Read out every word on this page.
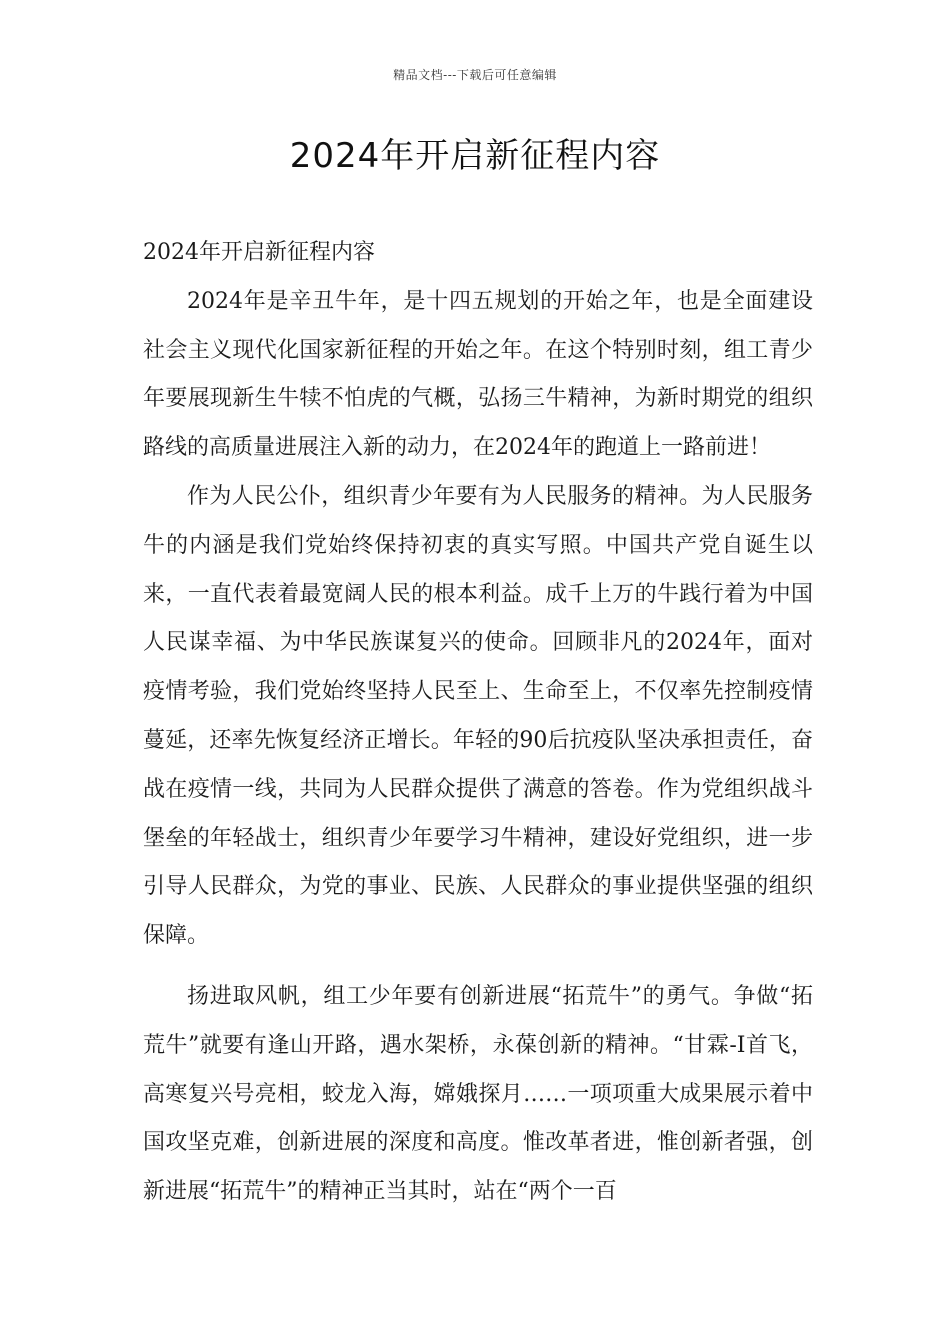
精品文档---下载后可任意编辑
2024年开启新征程内容

2024年开启新征程内容

2024年是辛丑牛年，是十四五规划的开始之年，也是全面建设社会主义现代化国家新征程的开始之年。在这个特别时刻，组工青少年要展现新生牛犊不怕虎的气概，弘扬三牛精神，为新时期党的组织路线的高质量进展注入新的动力，在2024年的跑道上一路前进！

作为人民公仆，组织青少年要有为人民服务的精神。为人民服务牛的内涵是我们党始终保持初衷的真实写照。中国共产党自诞生以来，一直代表着最宽阔人民的根本利益。成千上万的牛践行着为中国人民谋幸福、为中华民族谋复兴的使命。回顾非凡的2024年，面对疫情考验，我们党始终坚持人民至上、生命至上，不仅率先控制疫情蔓延，还率先恢复经济正增长。年轻的90后抗疫队坚决承担责任，奋战在疫情一线，共同为人民群众提供了满意的答卷。作为党组织战斗堡垒的年轻战士，组织青少年要学习牛精神，建设好党组织，进一步引导人民群众，为党的事业、民族、人民群众的事业提供坚强的组织保障。

扬进取风帆，组工少年要有创新进展“拓荒牛”的勇气。争做“拓荒牛”就要有逢山开路，遇水架桥，永葆创新的精神。“甘霖-I首飞，高寒复兴号亮相，蛟龙入海，嫦娥探月……一项项重大成果展示着中国攻坚克难，创新进展的深度和高度。惟改革者进，惟创新者强，创新进展“拓荒牛”的精神正当其时，站在“两个一百
